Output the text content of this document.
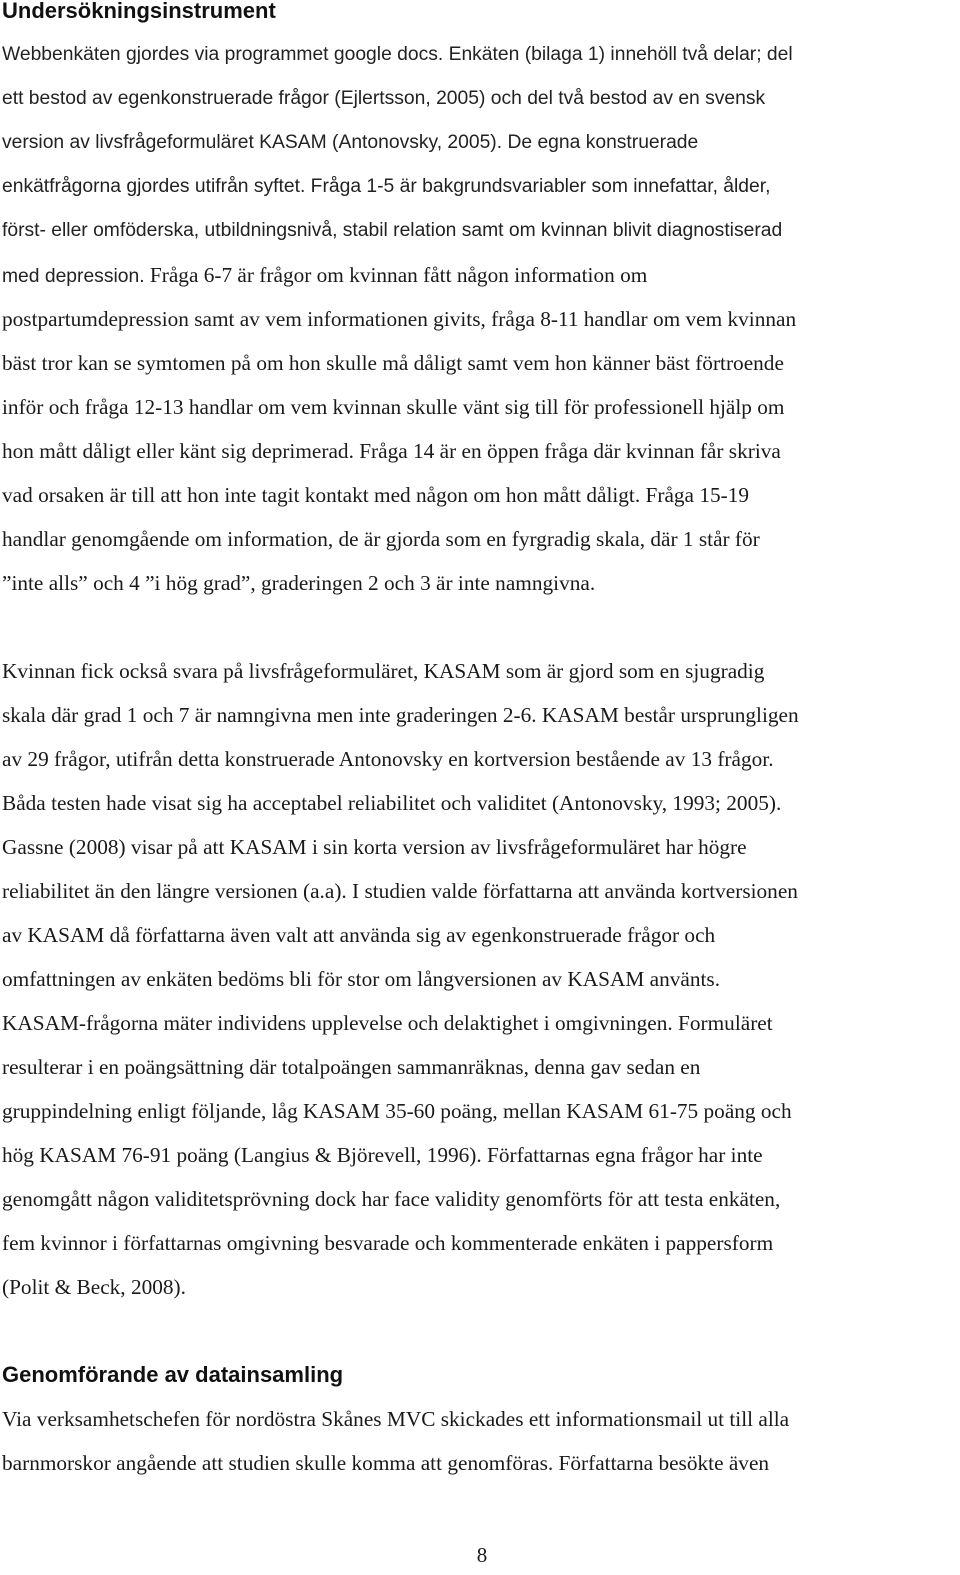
Undersökningsinstrument

Webbenkäten gjordes via programmet google docs. Enkäten (bilaga 1) innehöll två delar; del

ett bestod av egenkonstruerade frågor (Ejlertsson, 2005) och del två bestod av en svensk

version av livsfrågeformuläret KASAM (Antonovsky, 2005). De egna konstruerade

enkätfrågorna gjordes utifrån syftet. Fråga 1-5 är bakgrundsvariabler som innefattar, ålder,

först- eller omföderska, utbildningsnivå, stabil relation samt om kvinnan blivit diagnostiserad

med depression. Fråga 6-7 är frågor om kvinnan fått någon information om

postpartumdepression samt av vem informationen givits, fråga 8-11 handlar om vem kvinnan

bäst tror kan se symtomen på om hon skulle må dåligt samt vem hon känner bäst förtroende

inför och fråga 12-13 handlar om vem kvinnan skulle vänt sig till för professionell hjälp om

hon mått dåligt eller känt sig deprimerad. Fråga 14 är en öppen fråga där kvinnan får skriva

vad orsaken är till att hon inte tagit kontakt med någon om hon mått dåligt. Fråga 15-19

handlar genomgående om information, de är gjorda som en fyrgradig skala, där 1 står för

”inte alls” och 4 ”i hög grad”, graderingen 2 och 3 är inte namngivna.

Kvinnan fick också svara på livsfrågeformuläret, KASAM som är gjord som en sjugradig

skala där grad 1 och 7 är namngivna men inte graderingen 2-6. KASAM består ursprungligen

av 29 frågor, utifrån detta konstruerade Antonovsky en kortversion bestående av 13 frågor.

Båda testen hade visat sig ha acceptabel reliabilitet och validitet (Antonovsky, 1993; 2005).

Gassne (2008) visar på att KASAM i sin korta version av livsfrågeformuläret har högre

reliabilitet än den längre versionen (a.a). I studien valde författarna att använda kortversionen

av KASAM då författarna även valt att använda sig av egenkonstruerade frågor och

omfattningen av enkäten bedöms bli för stor om långversionen av KASAM använts.

KASAM-frågorna mäter individens upplevelse och delaktighet i omgivningen. Formuläret

resulterar i en poängsättning där totalpoängen sammanräknas, denna gav sedan en

gruppindelning enligt följande, låg KASAM 35-60 poäng, mellan KASAM 61-75 poäng och

hög KASAM 76-91 poäng (Langius & Björevell, 1996). Författarnas egna frågor har inte

genomgått någon validitetsprövning dock har face validity genomförts för att testa enkäten,

fem kvinnor i författarnas omgivning besvarade och kommenterade enkäten i pappersform

(Polit & Beck, 2008).

Genomförande av datainsamling

Via verksamhetschefen för nordöstra Skånes MVC skickades ett informationsmail ut till alla

barnmorskor angående att studien skulle komma att genomföras. Författarna besökte även

8
